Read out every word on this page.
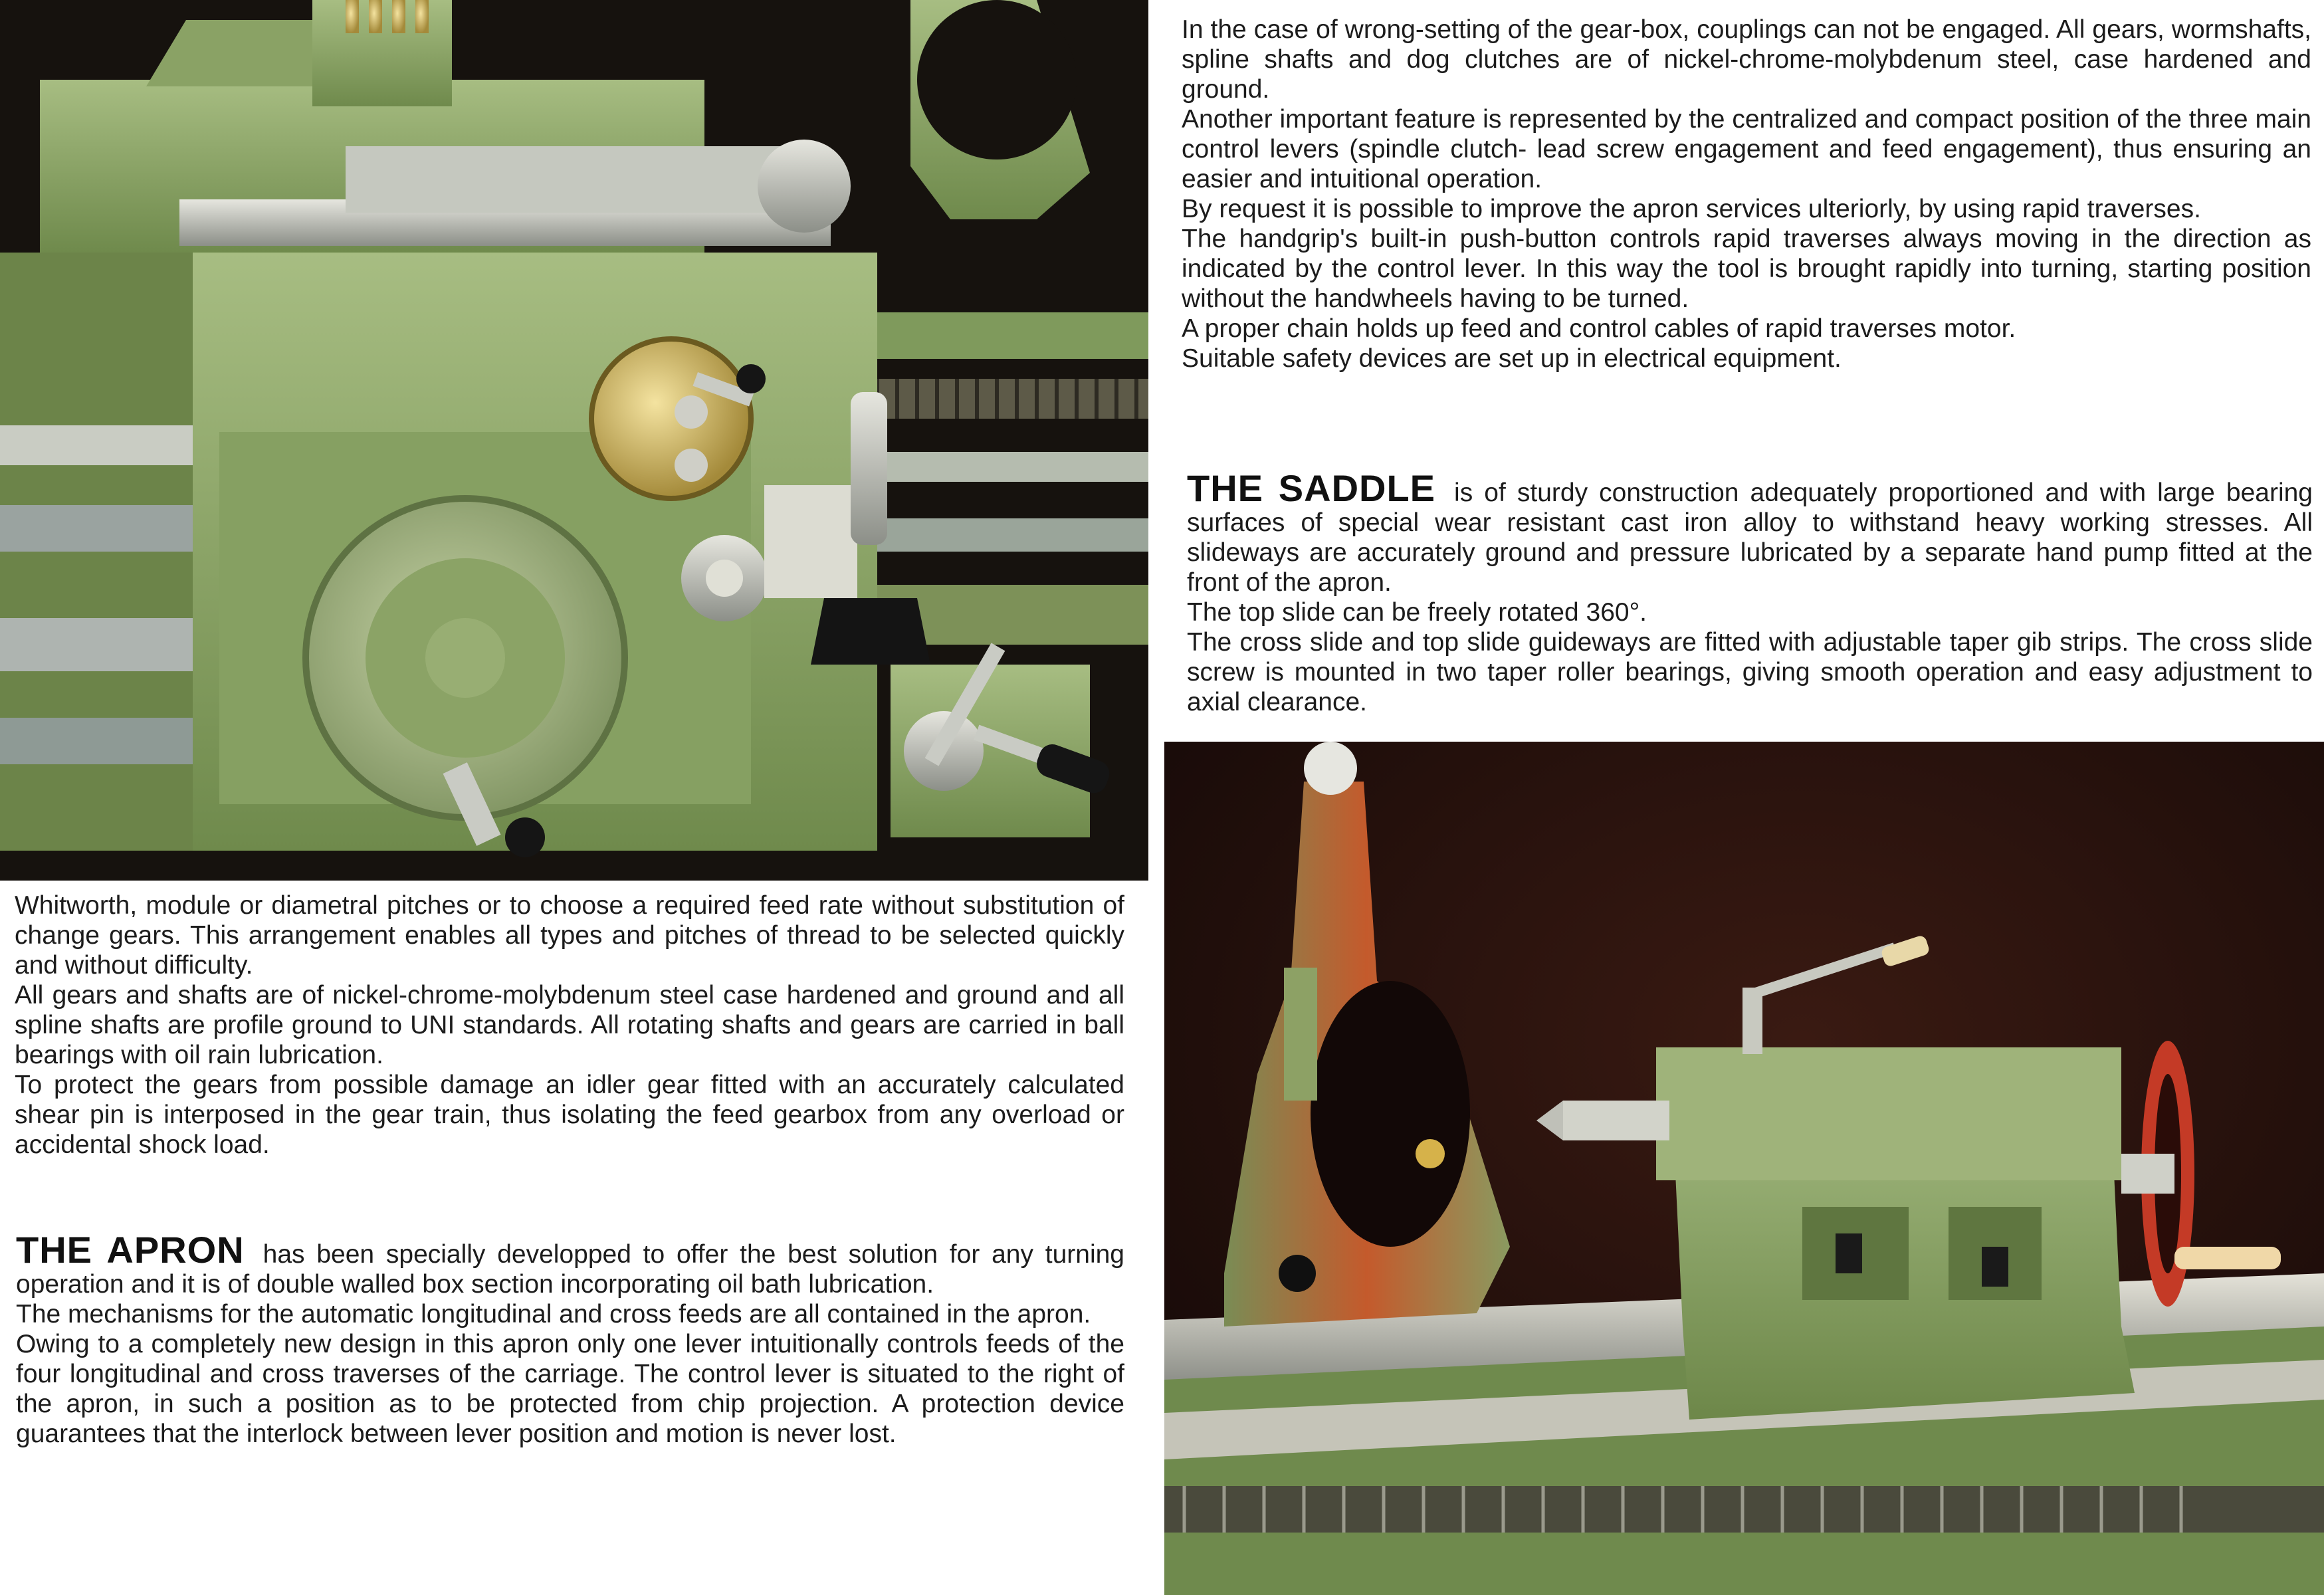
In the case of wrong-setting of the gear-box, couplings can not be engaged. All gears, wormshafts, spline shafts and dog clutches are of nickel-chrome-molybdenum steel, case hardened and ground.

Another important feature is represented by the centralized and compact position of the three main control levers (spindle clutch- lead screw engagement and feed engagement), thus ensuring an easier and intuitional operation.

By request it is possible to improve the apron services ulteriorly, by using rapid traverses.

The handgrip's built-in push-button controls rapid traverses always moving in the direction as indicated by the control lever. In this way the tool is brought rapidly into turning, starting position without the handwheels having to be turned.

A proper chain holds up feed and control cables of rapid traverses motor.

Suitable safety devices are set up in electrical equipment.

THE SADDLE is of sturdy construction adequately proportioned and with large bearing surfaces of special wear resistant cast iron alloy to withstand heavy working stresses. All slideways are accurately ground and pressure lubricated by a separate hand pump fitted at the front of the apron.

The top slide can be freely rotated 360°.

The cross slide and top slide guideways are fitted with adjustable taper gib strips. The cross slide screw is mounted in two taper roller bearings, giving smooth operation and easy adjustment to axial clearance.

Whitworth, module or diametral pitches or to choose a required feed rate without substitution of change gears. This arrangement enables all types and pitches of thread to be selected quickly and without difficulty.

All gears and shafts are of nickel-chrome-molybdenum steel case hardened and ground and all spline shafts are profile ground to UNI standards. All rotating shafts and gears are carried in ball bearings with oil rain lubrication.

To protect the gears from possible damage an idler gear fitted with an accurately calculated shear pin is interposed in the gear train, thus isolating the feed gearbox from any overload or accidental shock load.

THE APRON has been specially developped to offer the best solution for any turning operation and it is of double walled box section incorporating oil bath lubrication.

The mechanisms for the automatic longitudinal and cross feeds are all contained in the apron.

Owing to a completely new design in this apron only one lever intuitionally controls feeds of the four longitudinal and cross traverses of the carriage. The control lever is situated to the right of the apron, in such a position as to be protected from chip projection. A protection device guarantees that the interlock between lever position and motion is never lost.
